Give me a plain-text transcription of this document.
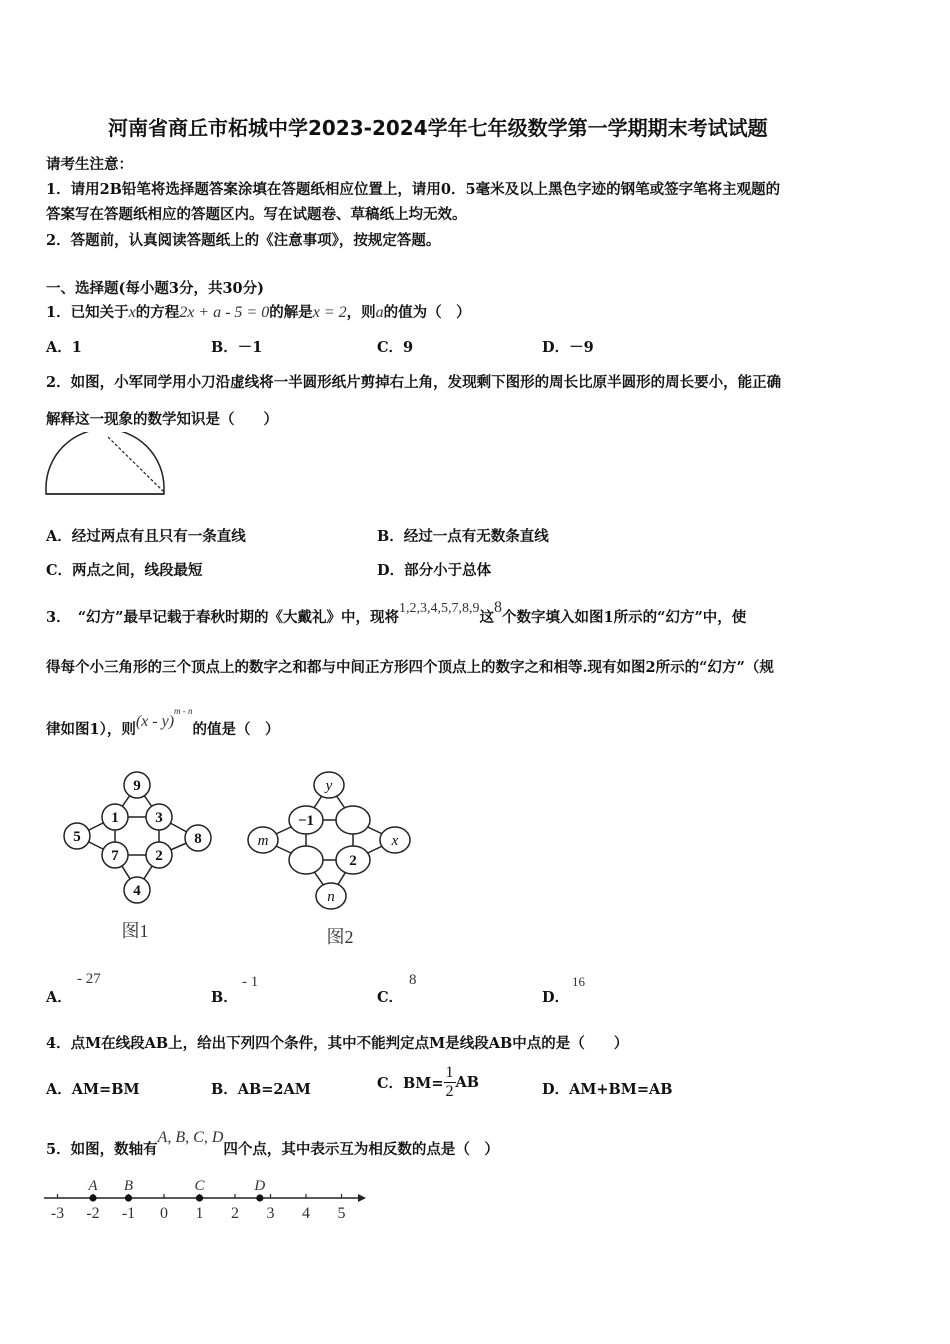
河南省商丘市柘城中学2023-2024学年七年级数学第一学期期末考试试题
请考生注意：
1．请用2B铅笔将选择题答案涂填在答题纸相应位置上，请用0．5毫米及以上黑色字迹的钢笔或签字笔将主观题的
答案写在答题纸相应的答题区内。写在试题卷、草稿纸上均无效。
2．答题前，认真阅读答题纸上的《注意事项》，按规定答题。
一、选择题(每小题3分，共30分)
1．已知关于x的方程2x + a - 5 = 0的解是x = 2，则a的值为（　）
A．1	B．－1	C．9	D．－9
2．如图，小军同学用小刀沿虚线将一半圆形纸片剪掉右上角，发现剩下图形的周长比原半圆形的周长要小，能正确
解释这一现象的数学知识是（　　）
A．经过两点有且只有一条直线	B．经过一点有无数条直线
C．两点之间，线段最短	D．部分小于总体
3．　“幻方”最早记载于春秋时期的《大戴礼》中，现将1,2,3,4,5,7,8,9这8个数字填入如图1所示的“幻方”中，使
得每个小三角形的三个顶点上的数字之和都与中间正方形四个顶点上的数字之和相等.现有如图2所示的“幻方”（规
律如图1），则(x - y)$^{m - n}$的值是（　）
9
1 3
5	8
7 2
4
图1
y
−1
m	x
2
n
图2
A．
- 27
B．
- 1
C．
8
D．
16
4．点M在线段AB上，给出下列四个条件，其中不能判定点M是线段AB中点的是（　　）
A．AM=BM	B．AB=2AM	C．$BM= \frac{1}{2}$ AB	D．AM+BM=AB
5．如图，数轴有A, B, C, D四个点，其中表示互为相反数的点是（　）
-3 -2 -1 0 1 2 3 4 5
A B	C	D
